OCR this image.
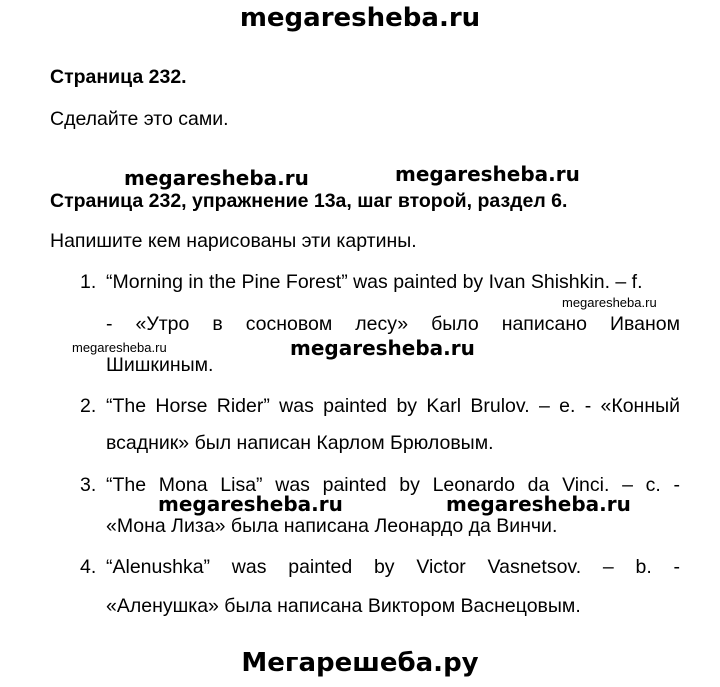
megaresheba.ru
megaresheba.ru	megaresheba.ru
megaresheba.ru
megaresheba.ru	megaresheba.ru
megaresheba.ru	megaresheba.ru
Мегарешеба.ру
Страница 232.
Сделайте это сами.
Страница 232, упражнение 13a, шаг второй, раздел 6.
Напишите кем нарисованы эти картины.
1. “Morning in the Pine Forest” was painted by Ivan Shishkin. – f.
- «Утро в сосновом лесу» было написано Иваном
Шишкиным.
2. “The Horse Rider” was painted by Karl Brulov. – e. - «Конный
всадник» был написан Карлом Брюловым.
3. “The Mona Lisa” was painted by Leonardo da Vinci. – c. -
«Мона Лиза» была написана Леонардо да Винчи.
4. “Alenushka” was painted by Victor Vasnetsov. – b. -
«Аленушка» была написана Виктором Васнецовым.
